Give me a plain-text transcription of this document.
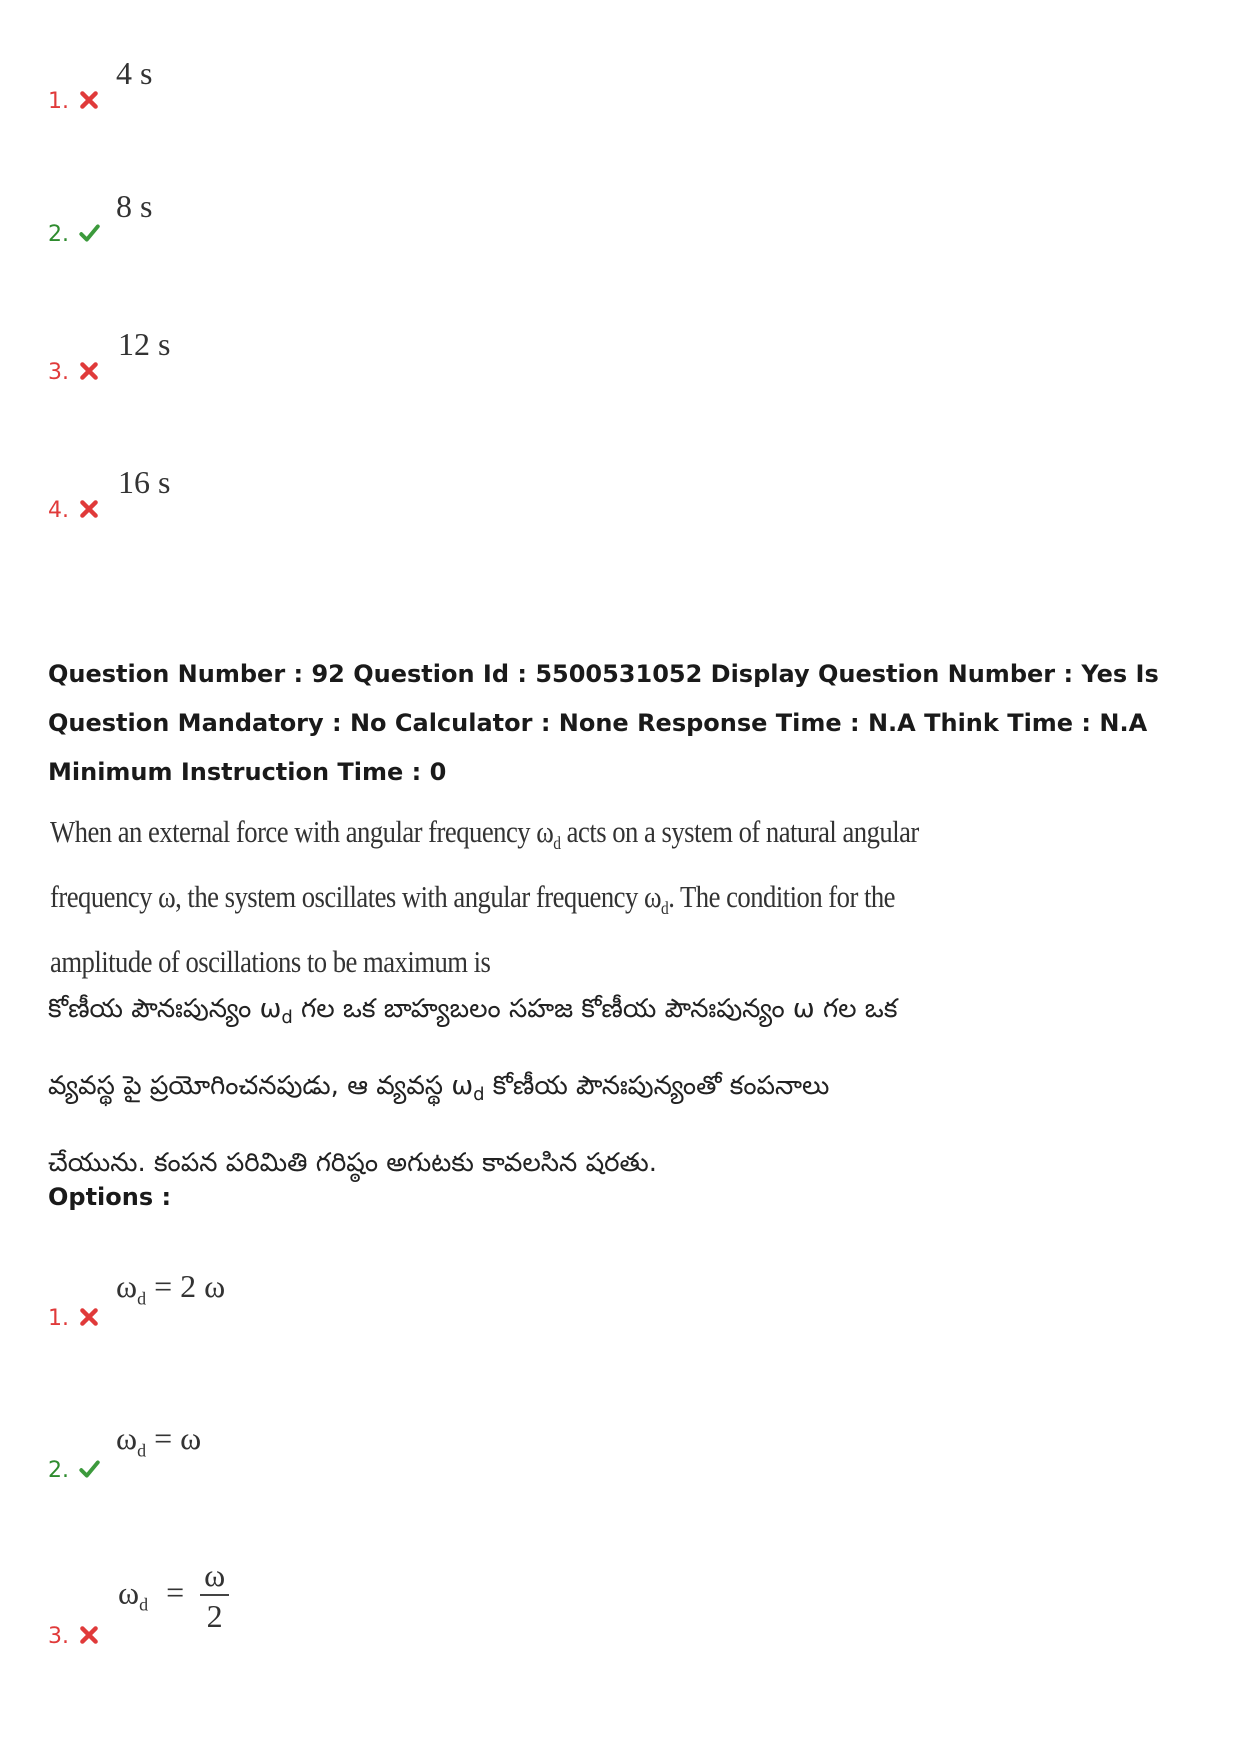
1.
4 s
2.
8 s
3.
12 s
4.
16 s
Question Number : 92 Question Id : 5500531052 Display Question Number : Yes Is Question Mandatory : No Calculator : None Response Time : N.A Think Time : N.A Minimum Instruction Time : 0
When an external force with angular frequency $\omega_d$ acts on a system of natural angular frequency ω, the system oscillates with angular frequency $\omega_d$. The condition for the amplitude of oscillations to be maximum is
కోణీయ పౌనఃపున్యం $\omega_d$ గల ఒక బాహ్యబలం సహజ కోణీయ పౌనఃపున్యం ω గల ఒక వ్యవస్థ పై ప్రయోగించనపుడు, ఆ వ్యవస్థ $\omega_d$ కోణీయ పౌనఃపున్యంతో కంపనాలు చేయును. కంపన పరిమితి గరిష్ఠం అగుటకు కావలసిన షరతు.
Options :
1.
$\omega_d = 2$ ω
2.
$\omega_d = \omega$
3.
$\omega_d = \frac{\omega}{2}$
